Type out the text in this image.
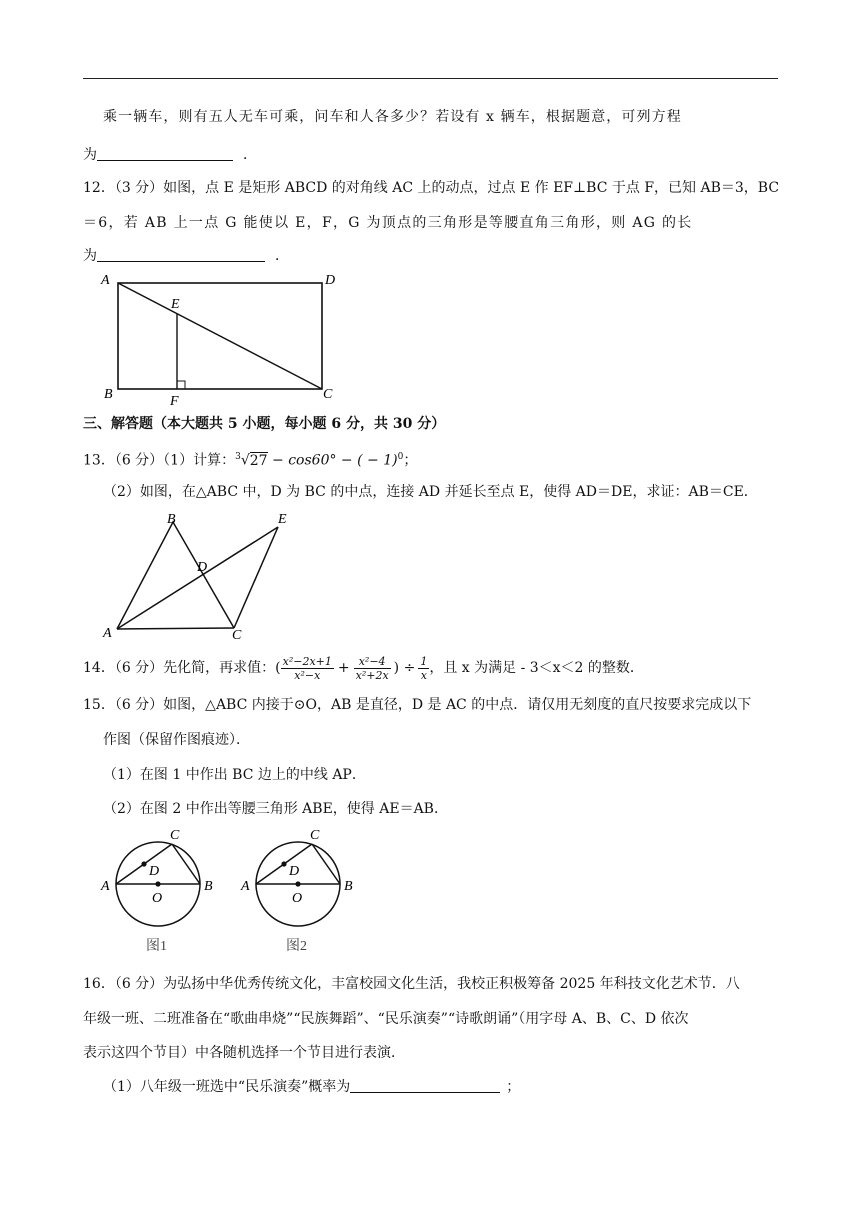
乘一辆车，则有五人无车可乘，问车和人各多少？若设有 x 辆车，根据题意，可列方程
为	．
12．（3 分）如图，点 E 是矩形 ABCD 的对角线 AC 上的动点，过点 E 作 EF⊥BC 于点 F，已知 AB＝3，BC
＝6，若 AB 上一点 G 能使以 E，F，G 为顶点的三角形是等腰直角三角形，则 AG 的长
为	．
A	D
E
B	F	C
三、解答题（本大题共 5 小题，每小题 6 分，共 30 分）
13．（6 分）（1）计算：$^3$√27 − cos60° − ( − 1)$^0$；
（2）如图，在△ABC 中，D 为 BC 的中点，连接 AD 并延长至点 E，使得 AD＝DE，求证：AB＝CE．
B	E
D
A	C
14．（6 分）先化简，再求值：( $\frac{\text{x²−2x+1}}{\text{x²−x}} + \frac{\text{x²−4}}{\text{x²+2x}}$ ) ÷ $\frac{1}{x}$ ，且 x 为满足 - 3＜x＜2 的整数．
15．（6 分）如图，△ABC 内接于⊙O，AB 是直径，D 是 AC 的中点．请仅用无刻度的直尺按要求完成以下
作图（保留作图痕迹）．
（1）在图 1 中作出 BC 边上的中线 AP．
（2）在图 2 中作出等腰三角形 ABE，使得 AE＝AB．
A	B
C
D
O
图1
A	B
C
D
O
图2
16．（6 分）为弘扬中华优秀传统文化，丰富校园文化生活，我校正积极筹备 2025 年科技文化艺术节．八
年级一班、二班准备在“歌曲串烧”“民族舞蹈”、“民乐演奏”“诗歌朗诵”（用字母 A、B、C、D 依次
表示这四个节目）中各随机选择一个节目进行表演．
（1）八年级一班选中“民乐演奏”概率为	；
